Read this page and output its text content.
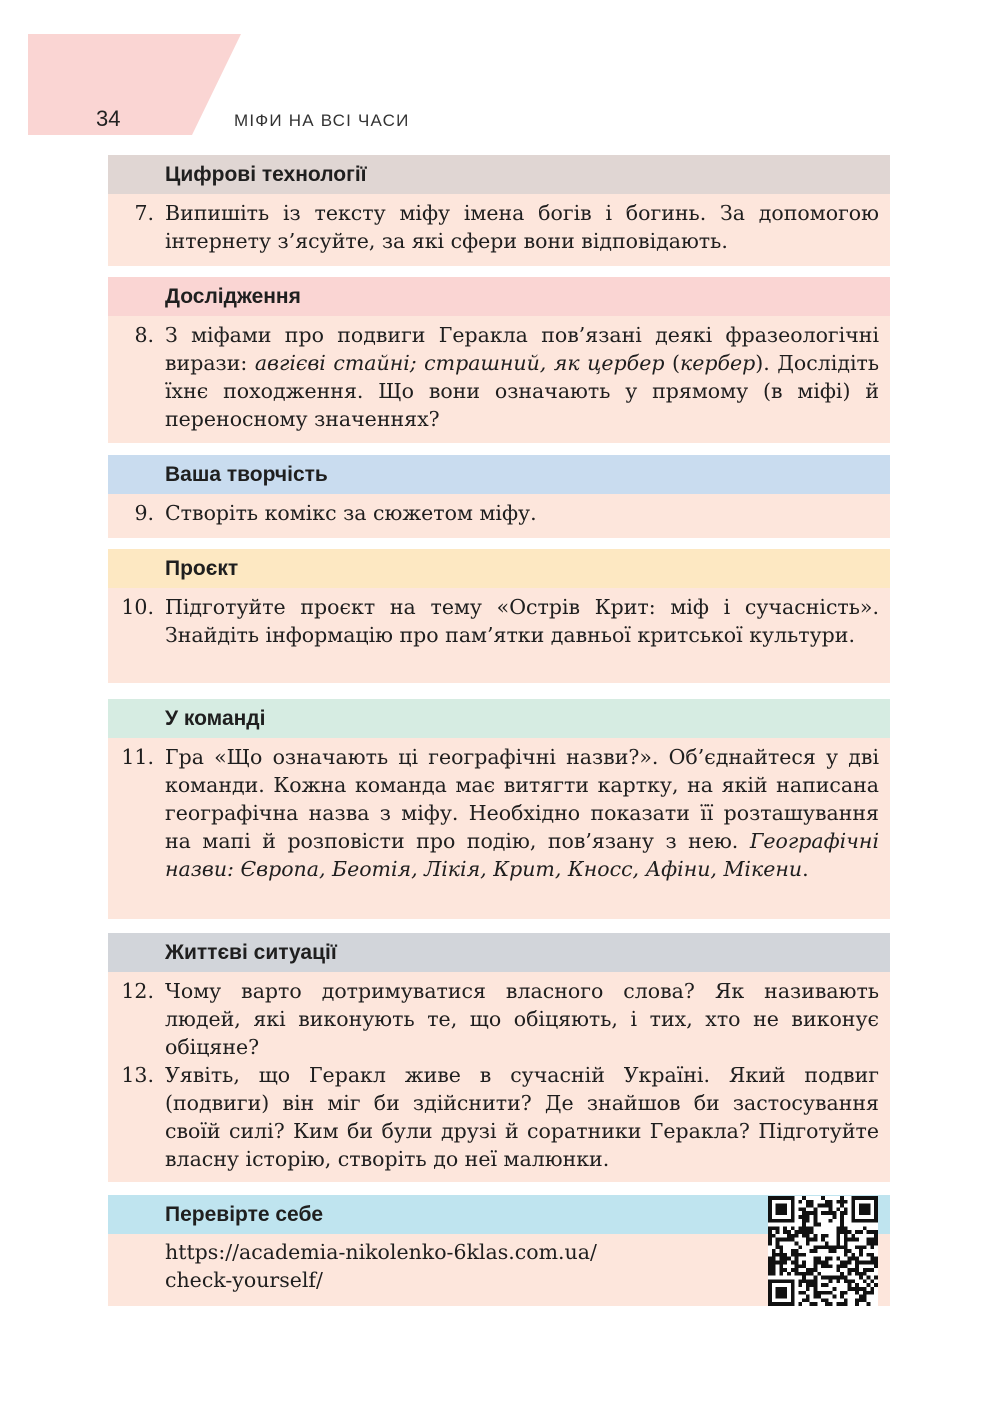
34	МІФИ НА ВСІ ЧАСИ
Цифрові технології
7. Випишіть із тексту міфу імена богів і богинь. За допомогою інтернету з’ясуйте, за які сфери вони відповідають.
Дослідження
8. З міфами про подвиги Геракла пов’язані деякі фразеологічні вирази: авгієві стайні; страшний, як цербер (кербер). Дослідіть їхнє походження. Що вони означають у прямому (в міфі) й переносному значеннях?
Ваша творчість
9. Створіть комікс за сюжетом міфу.
Проєкт
10. Підготуйте проєкт на тему «Острів Крит: міф і сучасність». Знайдіть інформацію про пам’ятки давньої критської культури.
У команді
11. Гра «Що означають ці географічні назви?». Об’єднайтеся у дві команди. Кожна команда має витягти картку, на якій написана географічна назва з міфу. Необхідно показати її розташування на мапі й розповісти про подію, пов’язану з нею. Географічні назви: Європа, Беотія, Лікія, Крит, Кносс, Афіни, Мікени.
Життєві ситуації
12. Чому варто дотримуватися власного слова? Як називають людей, які виконують те, що обіцяють, і тих, хто не виконує обіцяне?
13. Уявіть, що Геракл живе в сучасній Україні. Який подвиг (подвиги) він міг би здійснити? Де знайшов би застосування своїй силі? Ким би були друзі й соратники Геракла? Підготуйте власну історію, створіть до неї малюнки.
Перевірте себе
https://academia-nikolenko-6klas.com.ua/
check-yourself/
